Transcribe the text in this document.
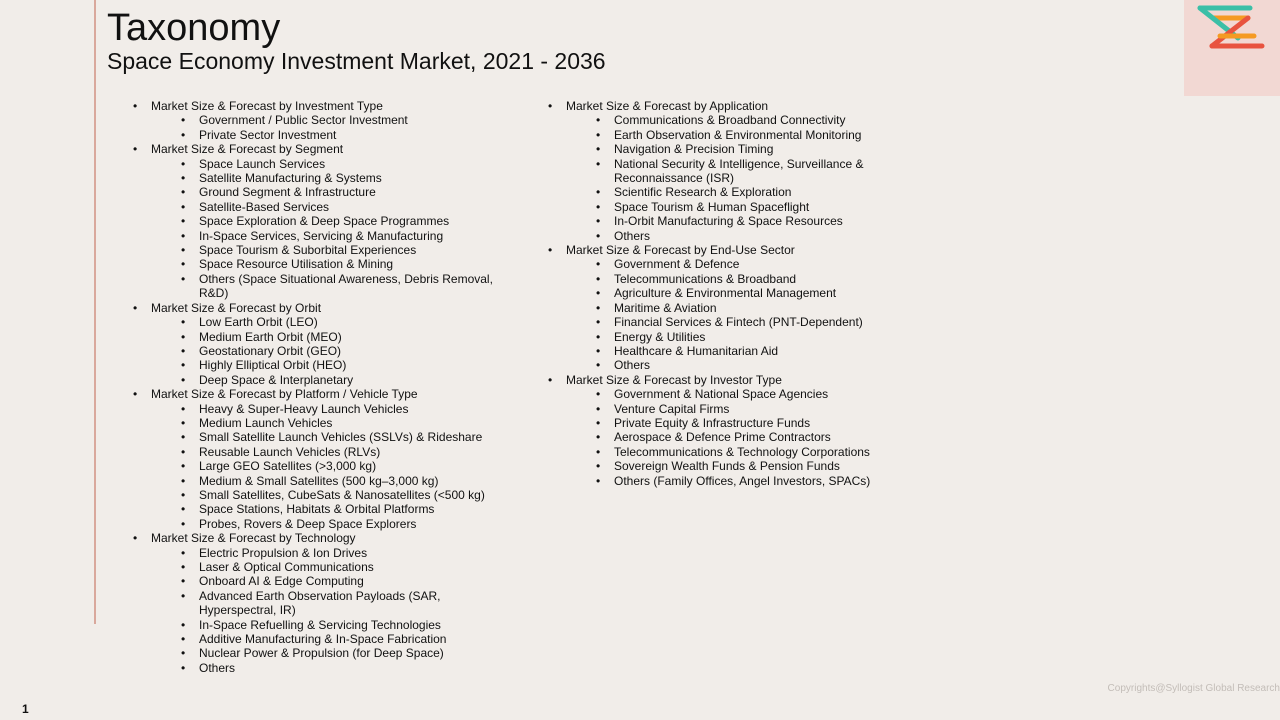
Taxonomy
Space Economy Investment Market, 2021 - 2036
• Market Size & Forecast by Investment Type
• Government / Public Sector Investment
• Private Sector Investment
• Market Size & Forecast by Segment
• Space Launch Services
• Satellite Manufacturing & Systems
• Ground Segment & Infrastructure
• Satellite-Based Services
• Space Exploration & Deep Space Programmes
• In-Space Services, Servicing & Manufacturing
• Space Tourism & Suborbital Experiences
• Space Resource Utilisation & Mining
• Others (Space Situational Awareness, Debris Removal, R&D)
• Market Size & Forecast by Orbit
• Low Earth Orbit (LEO)
• Medium Earth Orbit (MEO)
• Geostationary Orbit (GEO)
• Highly Elliptical Orbit (HEO)
• Deep Space & Interplanetary
• Market Size & Forecast by Platform / Vehicle Type
• Heavy & Super-Heavy Launch Vehicles
• Medium Launch Vehicles
• Small Satellite Launch Vehicles (SSLVs) & Rideshare
• Reusable Launch Vehicles (RLVs)
• Large GEO Satellites (>3,000 kg)
• Medium & Small Satellites (500 kg–3,000 kg)
• Small Satellites, CubeSats & Nanosatellites (<500 kg)
• Space Stations, Habitats & Orbital Platforms
• Probes, Rovers & Deep Space Explorers
• Market Size & Forecast by Technology
• Electric Propulsion & Ion Drives
• Laser & Optical Communications
• Onboard AI & Edge Computing
• Advanced Earth Observation Payloads (SAR, Hyperspectral, IR)
• In-Space Refuelling & Servicing Technologies
• Additive Manufacturing & In-Space Fabrication
• Nuclear Power & Propulsion (for Deep Space)
• Others
• Market Size & Forecast by Application
• Communications & Broadband Connectivity
• Earth Observation & Environmental Monitoring
• Navigation & Precision Timing
• National Security & Intelligence, Surveillance & Reconnaissance (ISR)
• Scientific Research & Exploration
• Space Tourism & Human Spaceflight
• In-Orbit Manufacturing & Space Resources
• Others
• Market Size & Forecast by End-Use Sector
• Government & Defence
• Telecommunications & Broadband
• Agriculture & Environmental Management
• Maritime & Aviation
• Financial Services & Fintech (PNT-Dependent)
• Energy & Utilities
• Healthcare & Humanitarian Aid
• Others
• Market Size & Forecast by Investor Type
• Government & National Space Agencies
• Venture Capital Firms
• Private Equity & Infrastructure Funds
• Aerospace & Defence Prime Contractors
• Telecommunications & Technology Corporations
• Sovereign Wealth Funds & Pension Funds
• Others (Family Offices, Angel Investors, SPACs)
Copyrights@Syllogist Global Research
1
